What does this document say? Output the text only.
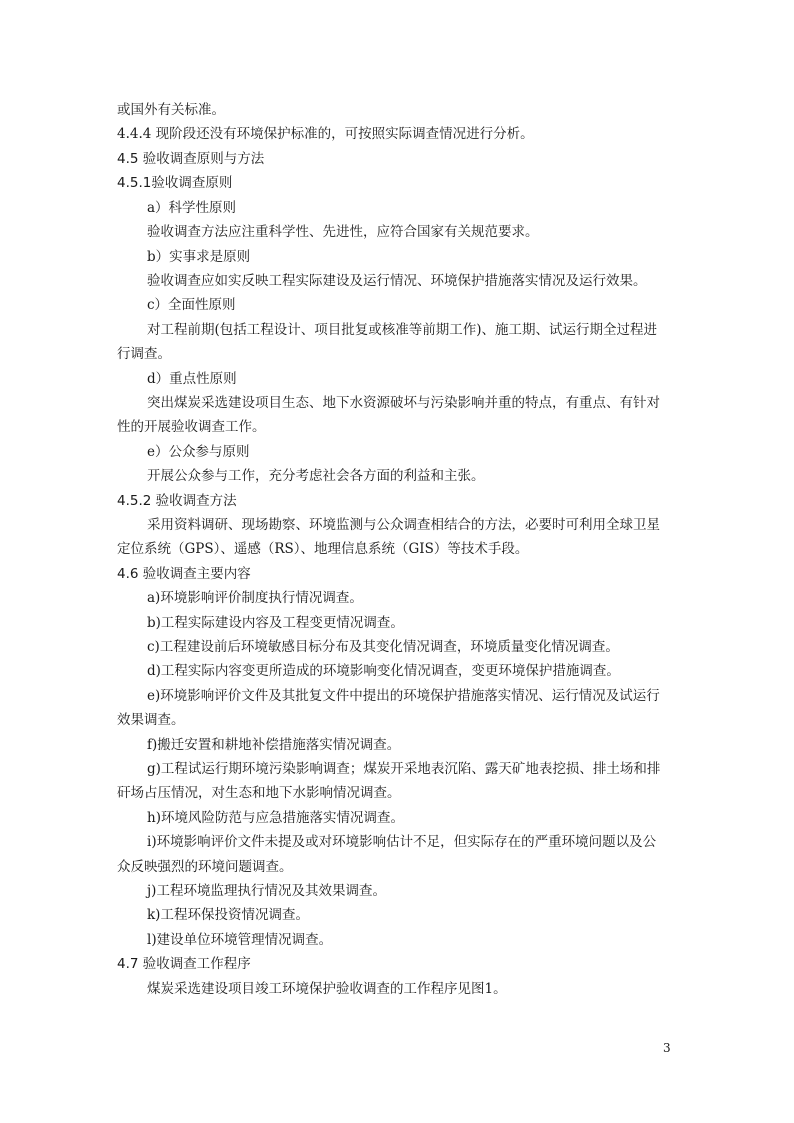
或国外有关标准。
4.4.4 现阶段还没有环境保护标准的，可按照实际调查情况进行分析。
4.5 验收调查原则与方法
4.5.1验收调查原则
a）科学性原则
验收调查方法应注重科学性、先进性，应符合国家有关规范要求。
b）实事求是原则
验收调查应如实反映工程实际建设及运行情况、环境保护措施落实情况及运行效果。
c）全面性原则
对工程前期(包括工程设计、项目批复或核准等前期工作)、施工期、试运行期全过程进
行调查。
d）重点性原则
突出煤炭采选建设项目生态、地下水资源破坏与污染影响并重的特点，有重点、有针对
性的开展验收调查工作。
e）公众参与原则
开展公众参与工作，充分考虑社会各方面的利益和主张。
4.5.2 验收调查方法
采用资料调研、现场勘察、环境监测与公众调查相结合的方法，必要时可利用全球卫星
定位系统（GPS）、遥感（RS）、地理信息系统（GIS）等技术手段。
4.6 验收调查主要内容
a)环境影响评价制度执行情况调查。
b)工程实际建设内容及工程变更情况调查。
c)工程建设前后环境敏感目标分布及其变化情况调查，环境质量变化情况调查。
d)工程实际内容变更所造成的环境影响变化情况调查，变更环境保护措施调查。
e)环境影响评价文件及其批复文件中提出的环境保护措施落实情况、运行情况及试运行
效果调查。
f)搬迁安置和耕地补偿措施落实情况调查。
g)工程试运行期环境污染影响调查；煤炭开采地表沉陷、露天矿地表挖损、排土场和排
矸场占压情况，对生态和地下水影响情况调查。
h)环境风险防范与应急措施落实情况调查。
i)环境影响评价文件未提及或对环境影响估计不足，但实际存在的严重环境问题以及公
众反映强烈的环境问题调查。
j)工程环境监理执行情况及其效果调查。
k)工程环保投资情况调查。
l)建设单位环境管理情况调查。
4.7 验收调查工作程序
煤炭采选建设项目竣工环境保护验收调查的工作程序见图1。
3
